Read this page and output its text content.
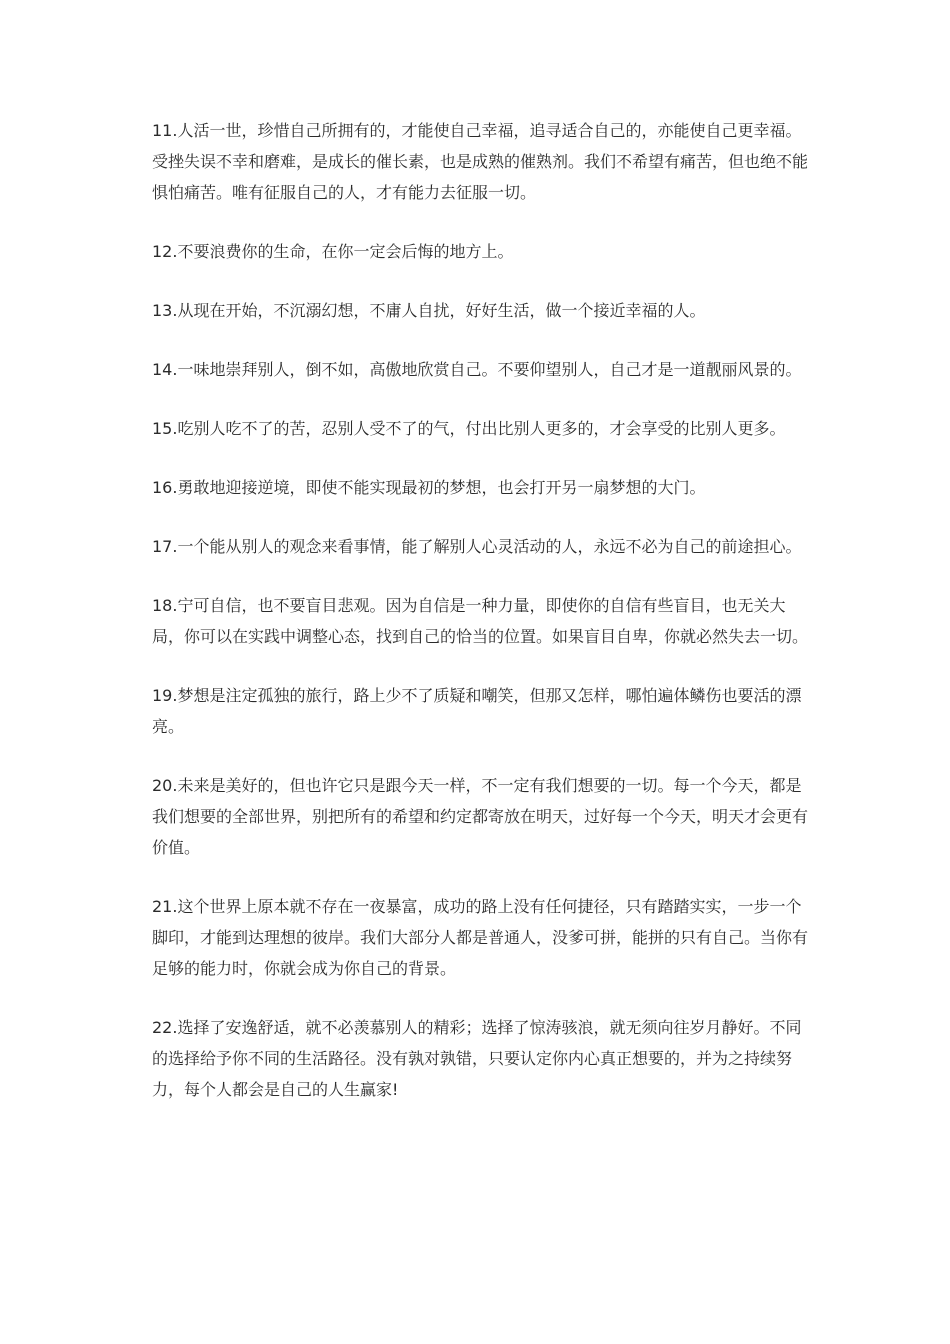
11.人活一世，珍惜自己所拥有的，才能使自己幸福，追寻适合自己的，亦能使自己更幸福。受挫失误不幸和磨难，是成长的催长素，也是成熟的催熟剂。我们不希望有痛苦，但也绝不能惧怕痛苦。唯有征服自己的人，才有能力去征服一切。

12.不要浪费你的生命，在你一定会后悔的地方上。

13.从现在开始，不沉溺幻想，不庸人自扰，好好生活，做一个接近幸福的人。

14.一味地崇拜别人，倒不如，高傲地欣赏自己。不要仰望别人，自己才是一道靓丽风景的。

15.吃别人吃不了的苦，忍别人受不了的气，付出比别人更多的，才会享受的比别人更多。

16.勇敢地迎接逆境，即使不能实现最初的梦想，也会打开另一扇梦想的大门。

17.一个能从别人的观念来看事情，能了解别人心灵活动的人，永远不必为自己的前途担心。

18.宁可自信，也不要盲目悲观。因为自信是一种力量，即使你的自信有些盲目，也无关大局，你可以在实践中调整心态，找到自己的恰当的位置。如果盲目自卑，你就必然失去一切。

19.梦想是注定孤独的旅行，路上少不了质疑和嘲笑，但那又怎样，哪怕遍体鳞伤也要活的漂亮。

20.未来是美好的，但也许它只是跟今天一样，不一定有我们想要的一切。每一个今天，都是我们想要的全部世界，别把所有的希望和约定都寄放在明天，过好每一个今天，明天才会更有价值。

21.这个世界上原本就不存在一夜暴富，成功的路上没有任何捷径，只有踏踏实实，一步一个脚印，才能到达理想的彼岸。我们大部分人都是普通人，没爹可拼，能拼的只有自己。当你有足够的能力时，你就会成为你自己的背景。

22.选择了安逸舒适，就不必羡慕别人的精彩；选择了惊涛骇浪，就无须向往岁月静好。不同的选择给予你不同的生活路径。没有孰对孰错，只要认定你内心真正想要的，并为之持续努力，每个人都会是自己的人生赢家!
